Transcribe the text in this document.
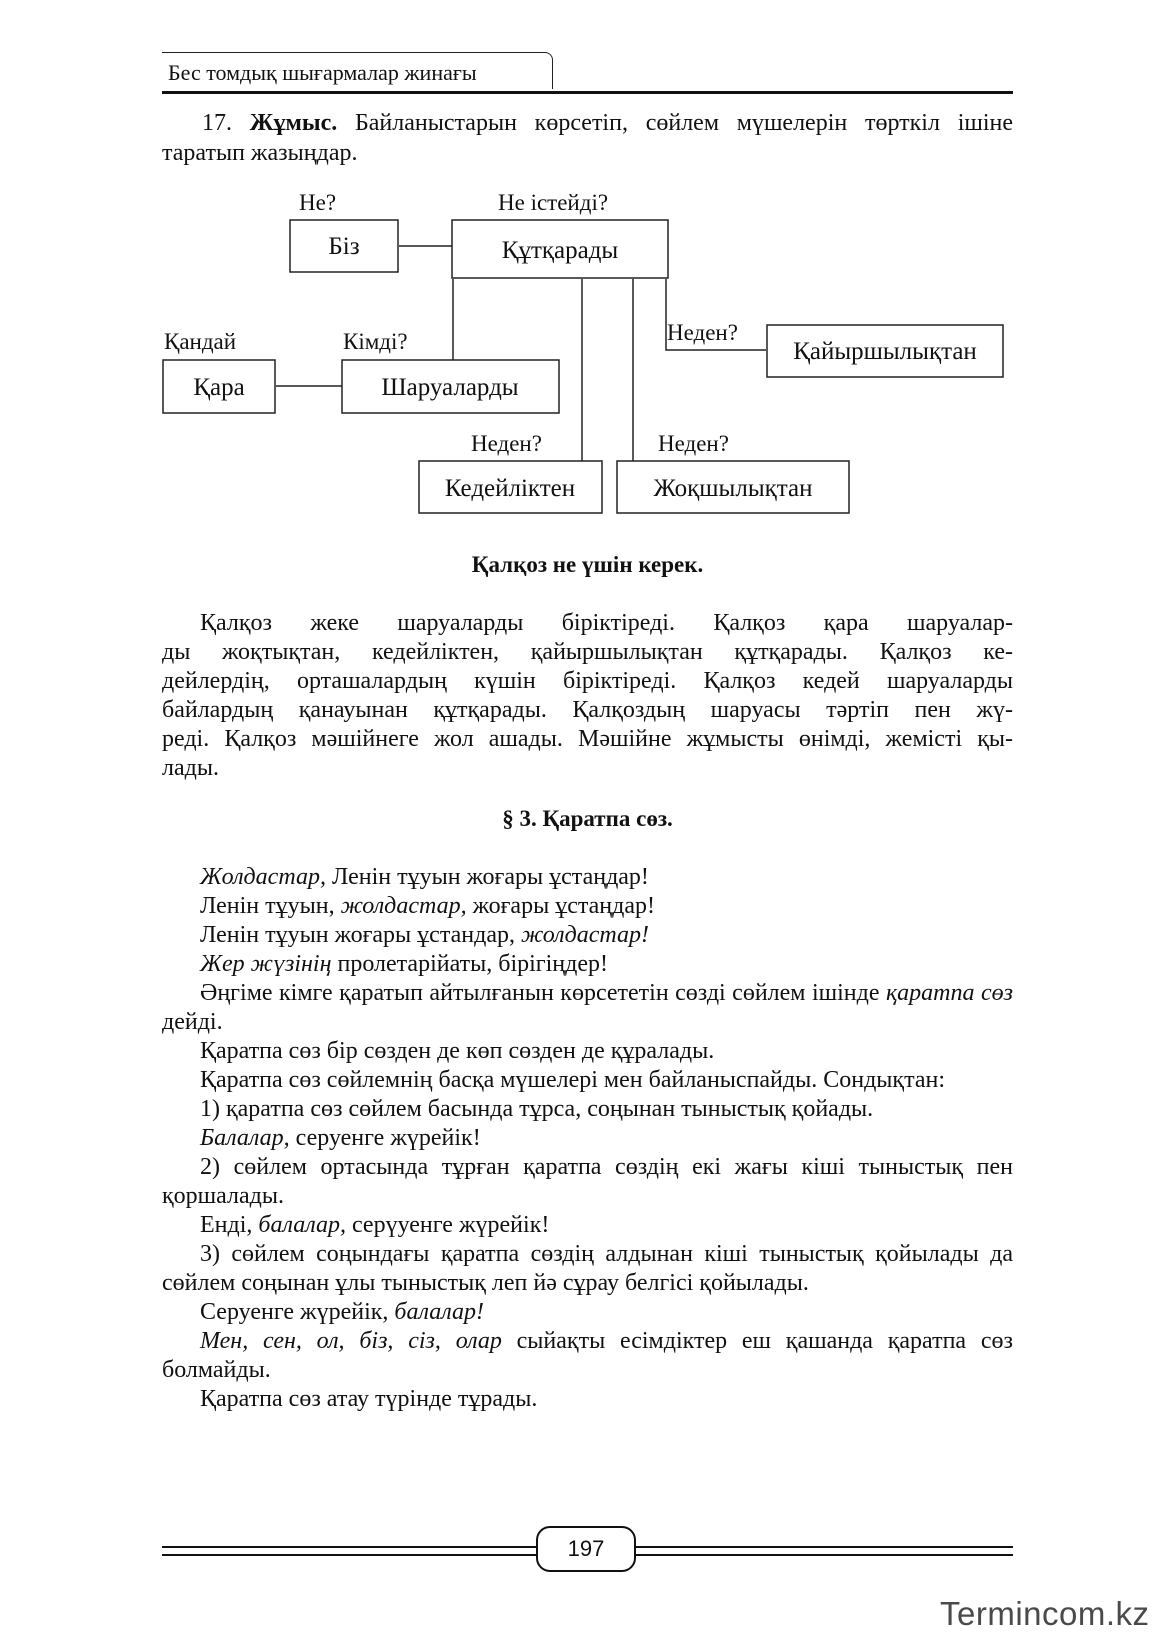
Бес томдық шығармалар жинағы
17. Жұмыс. Байланыстарын көрсетіп, сөйлем мүшелерін төрткіл ішіне таратып жазыңдар.
Біз	Құтқарады
Қара	Шаруаларды
Қайыршылықтан
Кедейліктен	Жоқшылықтан
Не?	Не істейді?
Қандай	Кімді?	Неден?
Неден?	Неден?
Қалқоз не үшін керек.
Қалқоз жеке шаруаларды біріктіреді. Қалқоз қара шаруалар-
ды жоқтықтан, кедейліктен, қайыршылықтан құтқарады. Қалқоз ке-
дейлердің, орташалардың күшін біріктіреді. Қалқоз кедей шаруаларды
байлардың қанауынан құтқарады. Қалқоздың шаруасы тәртіп пен жү-
реді. Қалқоз мәшійнеге жол ашады. Мәшійне жұмысты өнімді, жемісті қы-
лады.
§ 3. Қаратпа сөз.

Жолдастар, Ленін тұуын жоғары ұстаңдар!

Ленін тұуын, жолдастар, жоғары ұстаңдар!

Ленін тұуын жоғары ұстандар, жолдастар!

Жер жүзінің пролетарійаты, бірігіңдер!

Әңгіме кімге қаратып айтылғанын көрсететін сөзді сөйлем ішінде қаратпа сөз дейді.

Қаратпа сөз бір сөзден де көп сөзден де құралады.

Қаратпа сөз сөйлемнің басқа мүшелері мен байланыспайды. Сондықтан:

1) қаратпа сөз сөйлем басында тұрса, соңынан тыныстық қойады.

Балалар, серуенге жүрейік!

2) сөйлем ортасында тұрған қаратпа сөздің екі жағы кіші тыныстық пен қоршалады.

Енді, балалар, серүуенге жүрейік!

3) сөйлем соңындағы қаратпа сөздің алдынан кіші тыныстық қойылады да сөйлем соңынан ұлы тыныстық леп йә сұрау белгісі қойылады.

Серуенге жүрейік, балалар!

Мен, сен, ол, біз, сіз, олар сыйақты есімдіктер еш қашанда қаратпа сөз болмайды.

Қаратпа сөз атау түрінде тұрады.

197
Termincom.kz
